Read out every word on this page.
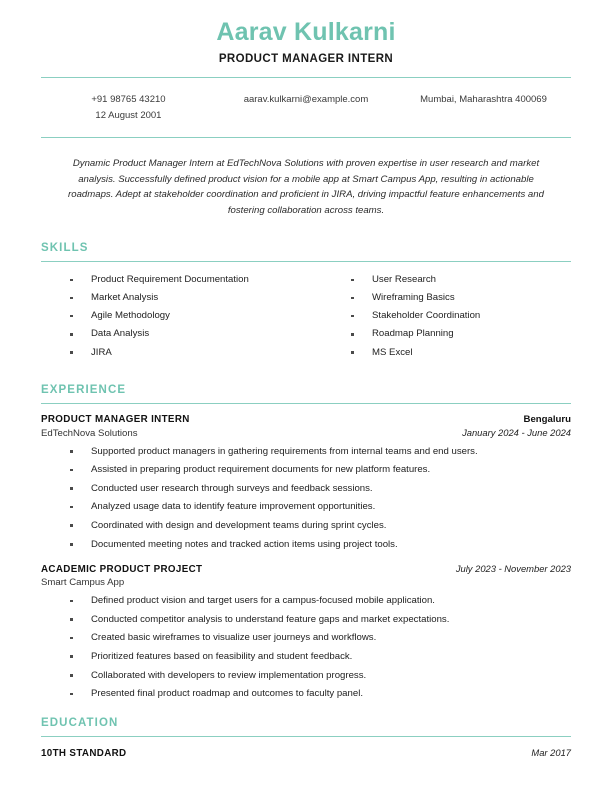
Aarav Kulkarni
PRODUCT MANAGER INTERN
+91 98765 43210
12 August 2001
aarav.kulkarni@example.com	Mumbai, Maharashtra 400069
Dynamic Product Manager Intern at EdTechNova Solutions with proven expertise in user research and market analysis. Successfully defined product vision for a mobile app at Smart Campus App, resulting in actionable roadmaps. Adept at stakeholder coordination and proficient in JIRA, driving impactful feature enhancements and fostering collaboration across teams.
SKILLS
Product Requirement Documentation
Market Analysis
Agile Methodology
Data Analysis
JIRA
User Research
Wireframing Basics
Stakeholder Coordination
Roadmap Planning
MS Excel
EXPERIENCE
PRODUCT MANAGER INTERN	Bengaluru
EdTechNova Solutions	January 2024 - June 2024
Supported product managers in gathering requirements from internal teams and end users.
Assisted in preparing product requirement documents for new platform features.
Conducted user research through surveys and feedback sessions.
Analyzed usage data to identify feature improvement opportunities.
Coordinated with design and development teams during sprint cycles.
Documented meeting notes and tracked action items using project tools.
ACADEMIC PRODUCT PROJECT	July 2023 - November 2023
Smart Campus App
Defined product vision and target users for a campus-focused mobile application.
Conducted competitor analysis to understand feature gaps and market expectations.
Created basic wireframes to visualize user journeys and workflows.
Prioritized features based on feasibility and student feedback.
Collaborated with developers to review implementation progress.
Presented final product roadmap and outcomes to faculty panel.
EDUCATION
10TH STANDARD	Mar 2017
